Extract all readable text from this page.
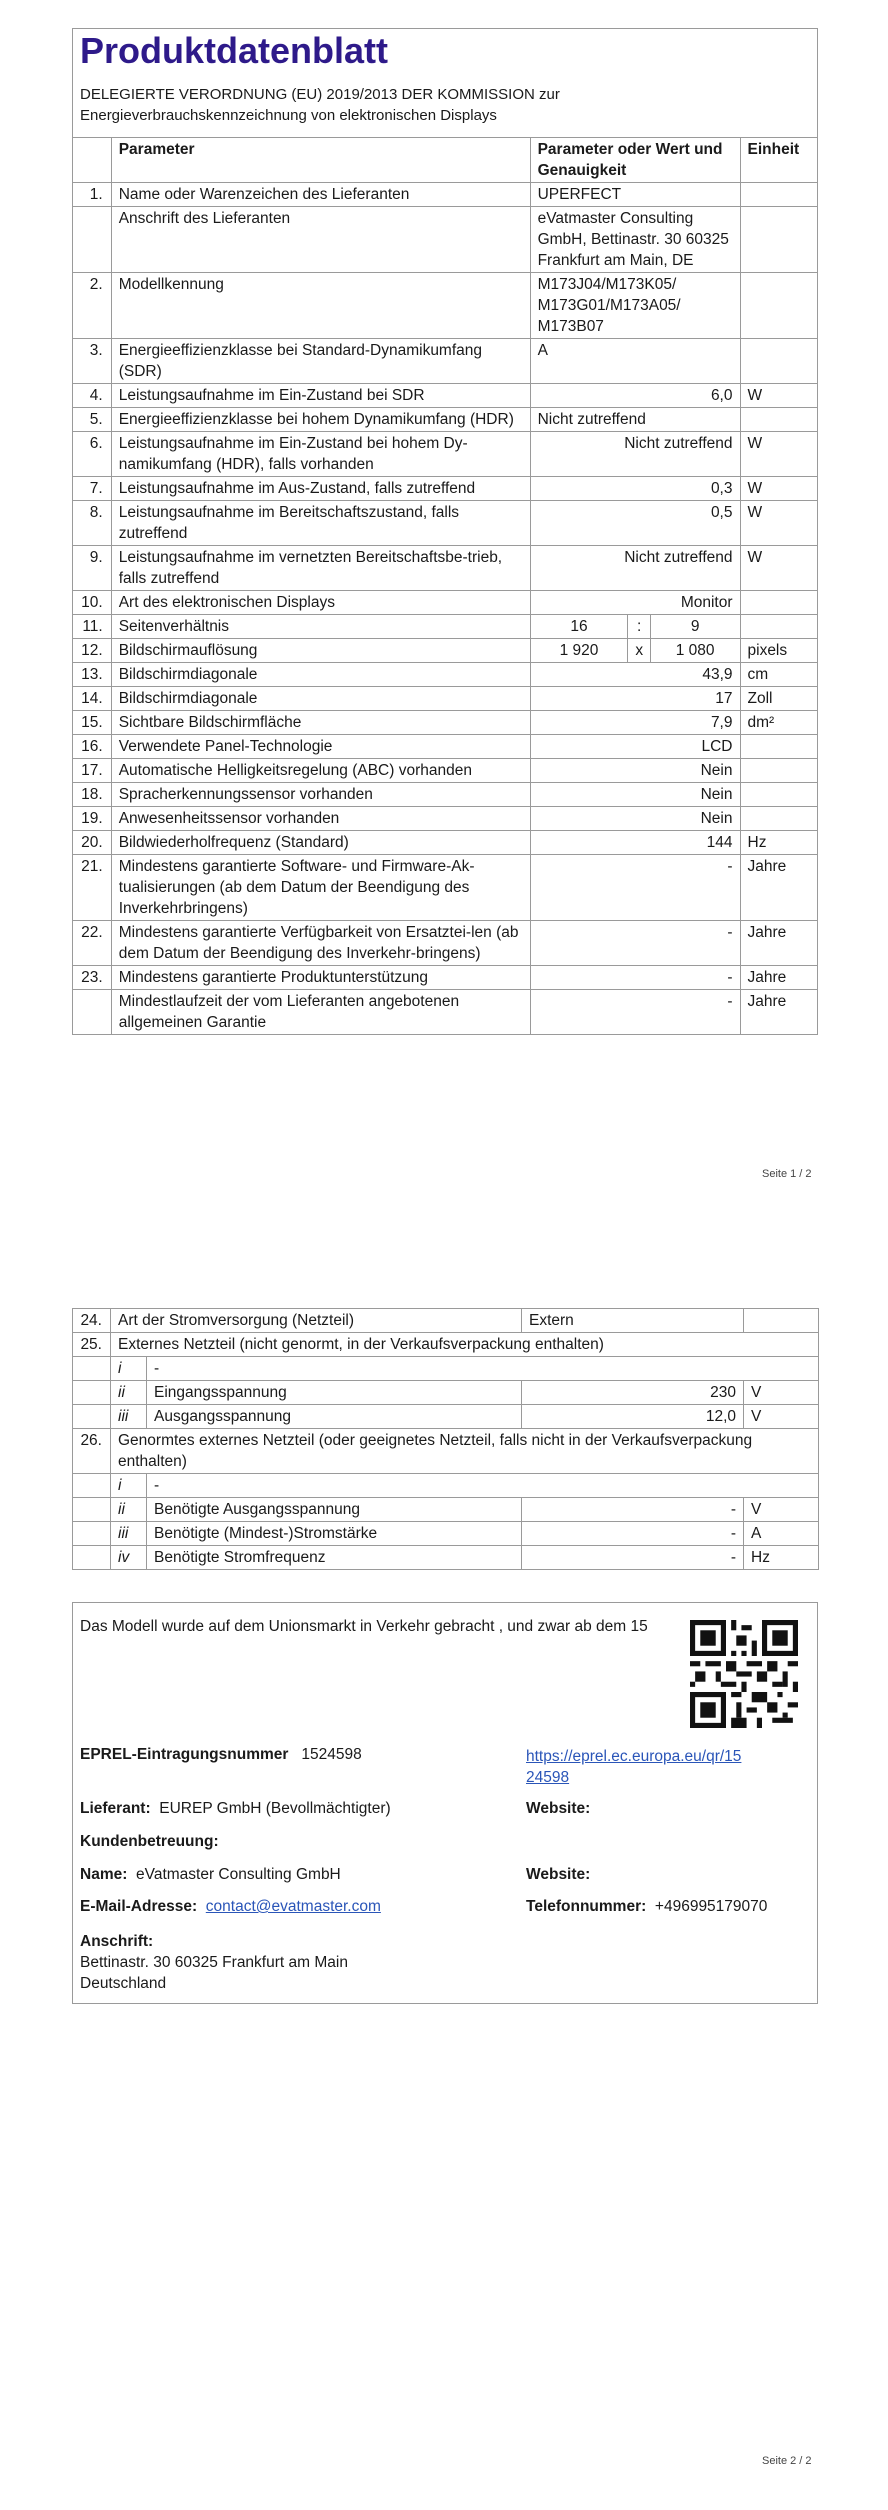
Produktdatenblatt
DELEGIERTE VERORDNUNG (EU) 2019/2013 DER KOMMISSION zur Energieverbrauchskennzeichnung von elektronischen Displays
	Parameter	Parameter oder Wert und Genauigkeit			Einheit
1.	Name oder Warenzeichen des Lieferanten	UPERFECT			
	Anschrift des Lieferanten	eVatmaster Consulting GmbH, Bettinastr. 30 60325 Frankfurt am Main, DE			
2.	Modellkennung	M173J04/M173K05/ M173G01/M173A05/ M173B07			
3.	Energieeffizienzklasse bei Standard-Dynamikumfang (SDR)	A			
4.	Leistungsaufnahme im Ein-Zustand bei SDR	6,0			W
5.	Energieeffizienzklasse bei hohem Dynamikumfang (HDR)	Nicht zutreffend			
6.	Leistungsaufnahme im Ein-Zustand bei hohem Dy-namikumfang (HDR), falls vorhanden	Nicht zutreffend			W
7.	Leistungsaufnahme im Aus-Zustand, falls zutreffend	0,3			W
8.	Leistungsaufnahme im Bereitschaftszustand, falls zutreffend	0,5			W
9.	Leistungsaufnahme im vernetzten Bereitschaftsbe-trieb, falls zutreffend	Nicht zutreffend			W
10.	Art des elektronischen Displays	Monitor			
11.	Seitenverhältnis	16	:	9	
12.	Bildschirmauflösung	1 920	x	1 080	pixels
13.	Bildschirmdiagonale	43,9			cm
14.	Bildschirmdiagonale	17			Zoll
15.	Sichtbare Bildschirmfläche	7,9			dm²
16.	Verwendete Panel-Technologie	LCD			
17.	Automatische Helligkeitsregelung (ABC) vorhanden	Nein			
18.	Spracherkennungssensor vorhanden	Nein			
19.	Anwesenheitssensor vorhanden	Nein			
20.	Bildwiederholfrequenz (Standard)	144			Hz
21.	Mindestens garantierte Software- und Firmware-Ak-tualisierungen (ab dem Datum der Beendigung des Inverkehrbringens)	-			Jahre
22.	Mindestens garantierte Verfügbarkeit von Ersatztei-len (ab dem Datum der Beendigung des Inverkehr-bringens)	-			Jahre
23.	Mindestens garantierte Produktunterstützung	-			Jahre
	Mindestlaufzeit der vom Lieferanten angebotenen allgemeinen Garantie	-			Jahre
Seite 1 / 2
24.	Art der Stromversorgung (Netzteil)		Extern	
25.	Externes Netzteil (nicht genormt, in der Verkaufsverpackung enthalten)			
	i	-		
	ii	Eingangsspannung	230	V
	iii	Ausgangsspannung	12,0	V
26.	Genormtes externes Netzteil (oder geeignetes Netzteil, falls nicht in der Verkaufsverpackung enthalten)			
	i	-		
	ii	Benötigte Ausgangsspannung	-	V
	iii	Benötigte (Mindest-)Stromstärke	-	A
	iv	Benötigte Stromfrequenz	-	Hz
Das Modell wurde auf dem Unionsmarkt in Verkehr gebracht , und zwar ab dem 15
EPREL-Eintragungsnummer 1524598	https://eprel.ec.europa.eu/qr/15
24598
Lieferant: EUREP GmbH (Bevollmächtigter)	Website:
Kundenbetreuung:
Name: eVatmaster Consulting GmbH	Website:
E-Mail-Adresse: contact@evatmaster.com	Telefonnummer: +496995179070
Anschrift:
Bettinastr. 30 60325 Frankfurt am Main
Deutschland
Seite 2 / 2
